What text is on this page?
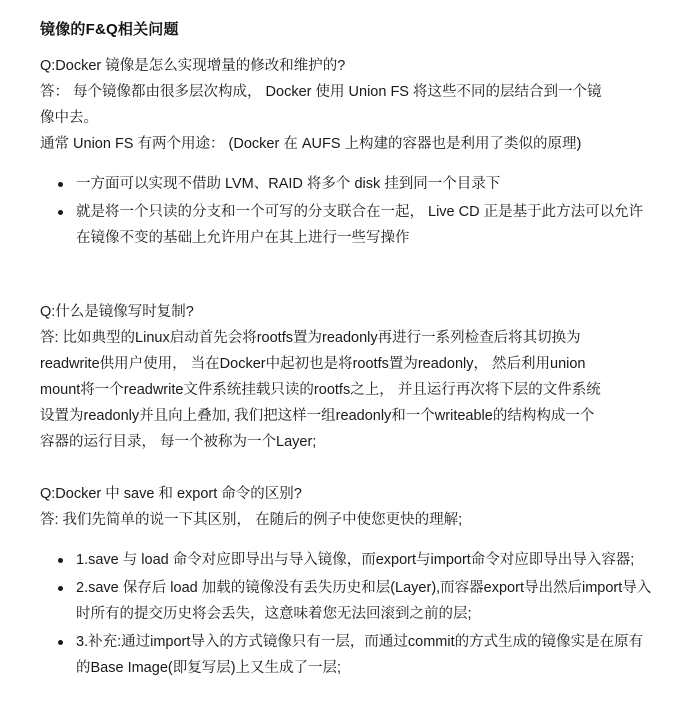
镜像的F&Q相关问题

Q:Docker 镜像是怎么实现增量的修改和维护的?

答： 每个镜像都由很多层次构成， Docker 使用 Union FS 将这些不同的层结合到一个镜

像中去。

通常 Union FS 有两个用途： (Docker 在 AUFS 上构建的容器也是利用了类似的原理)

一方面可以实现不借助 LVM、RAID 将多个 disk 挂到同一个目录下
就是将一个只读的分支和一个可写的分支联合在一起， Live CD 正是基于此方法可以允许在镜像不变的基础上允许用户在其上进行一些写操作

Q:什么是镜像写时复制?

答: 比如典型的Linux启动首先会将rootfs置为readonly再进行一系列检查后将其切换为

readwrite供用户使用， 当在Docker中起初也是将rootfs置为readonly， 然后利用union

mount将一个readwrite文件系统挂载只读的rootfs之上， 并且运行再次将下层的文件系统

设置为readonly并且向上叠加, 我们把这样一组readonly和一个writeable的结构构成一个

容器的运行目录， 每一个被称为一个Layer;

Q:Docker 中 save 和 export 命令的区别?

答: 我们先简单的说一下其区别， 在随后的例子中使您更快的理解;

1.save 与 load 命令对应即导出与导入镜像，而export与import命令对应即导出导入容器;
2.save 保存后 load 加载的镜像没有丢失历史和层(Layer),而容器export导出然后import导入时所有的提交历史将会丢失，这意味着您无法回滚到之前的层;
3.补充:通过import导入的方式镜像只有一层，而通过commit的方式生成的镜像实是在原有的Base Image(即复写层)上又生成了一层;
